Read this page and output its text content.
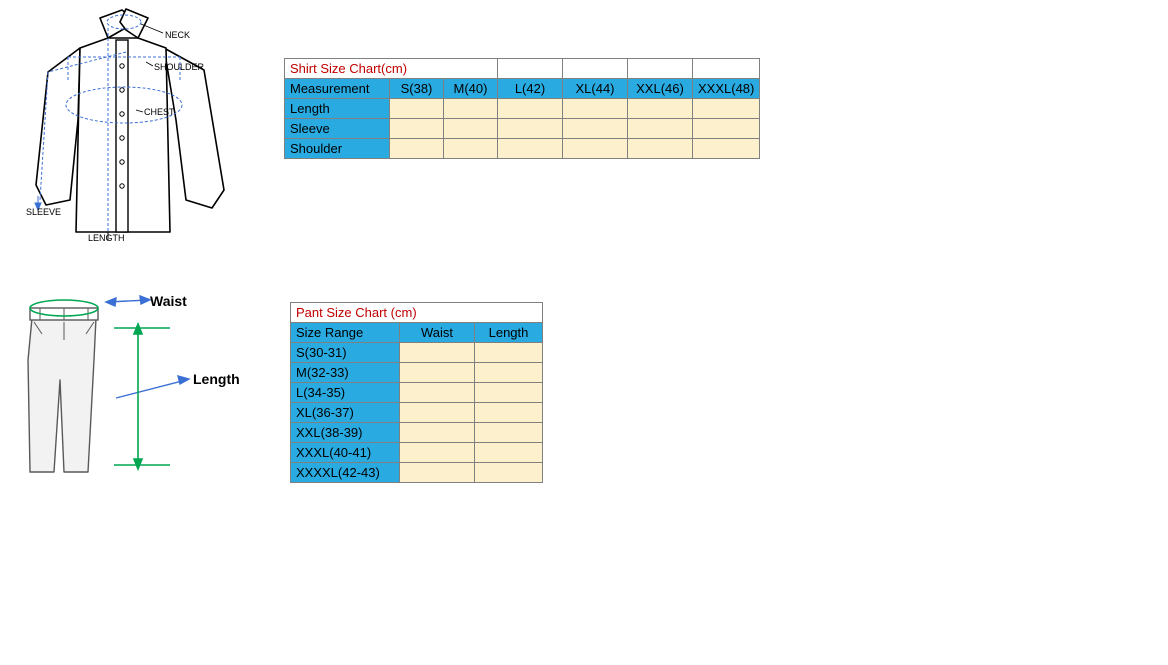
NECK
SHOULDER
CHEST
SLEEVE
LENGTH
Waist
Length
Shirt Size Chart(cm)						
Measurement	S(38)	M(40)	L(42)	XL(44)	XXL(46)	XXXL(48)
Length						
Sleeve						
Shoulder						
Pant Size Chart (cm)		
Size Range	Waist	Length
S(30-31)		
M(32-33)		
L(34-35)		
XL(36-37)		
XXL(38-39)		
XXXL(40-41)		
XXXXL(42-43)		
